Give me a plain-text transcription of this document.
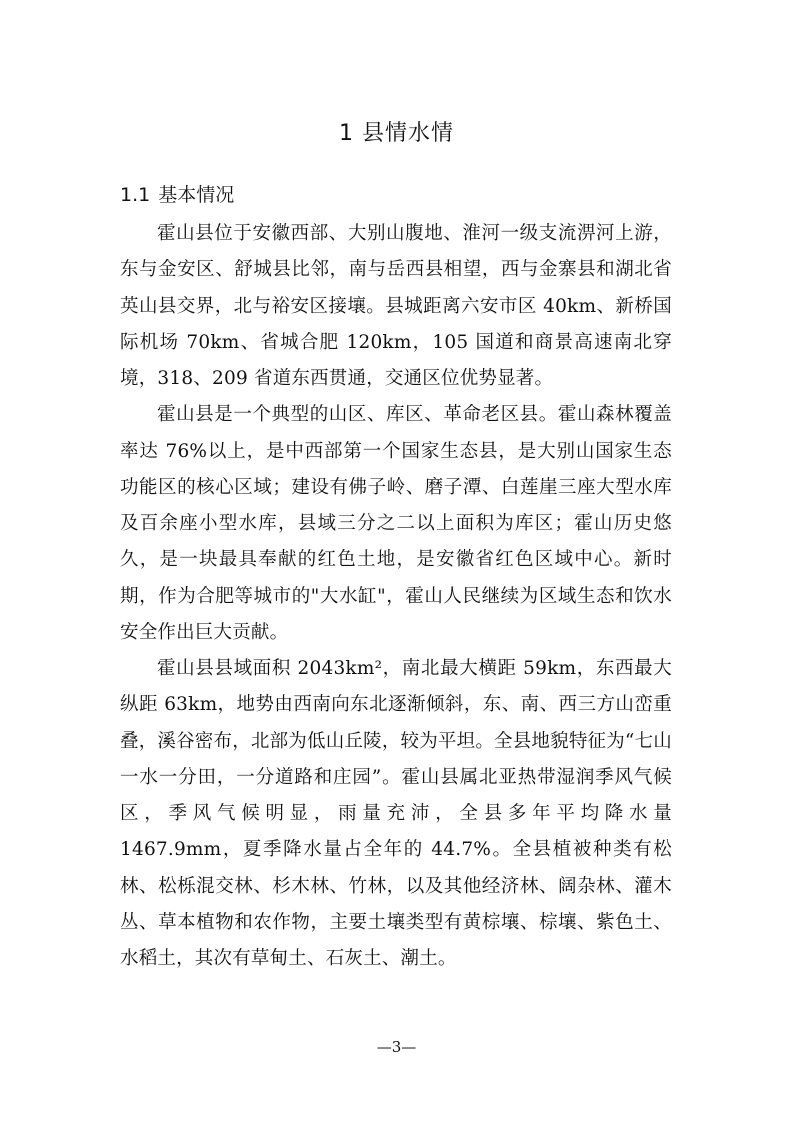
1 县情水情
1.1 基本情况

霍山县位于安徽西部、大别山腹地、淮河一级支流淠河上游，东与金安区、舒城县比邻，南与岳西县相望，西与金寨县和湖北省英山县交界，北与裕安区接壤。县城距离六安市区 40km、新桥国际机场 70km、省城合肥 120km，105 国道和商景高速南北穿境，318、209 省道东西贯通，交通区位优势显著。

霍山县是一个典型的山区、库区、革命老区县。霍山森林覆盖率达 76%以上，是中西部第一个国家生态县，是大别山国家生态功能区的核心区域；建设有佛子岭、磨子潭、白莲崖三座大型水库及百余座小型水库，县域三分之二以上面积为库区；霍山历史悠久，是一块最具奉献的红色土地，是安徽省红色区域中心。新时期，作为合肥等城市的"大水缸"，霍山人民继续为区域生态和饮水安全作出巨大贡献。

霍山县县域面积 2043km²，南北最大横距 59km，东西最大纵距 63km，地势由西南向东北逐渐倾斜，东、南、西三方山峦重叠，溪谷密布，北部为低山丘陵，较为平坦。全县地貌特征为“七山一水一分田，一分道路和庄园”。霍山县属北亚热带湿润季风气候区，季风气候明显，雨量充沛，全县多年平均降水量 1467.9mm，夏季降水量占全年的 44.7%。全县植被种类有松林、松栎混交林、杉木林、竹林，以及其他经济林、阔杂林、灌木丛、草本植物和农作物，主要土壤类型有黄棕壤、棕壤、紫色土、水稻土，其次有草甸土、石灰土、潮土。

—3—
